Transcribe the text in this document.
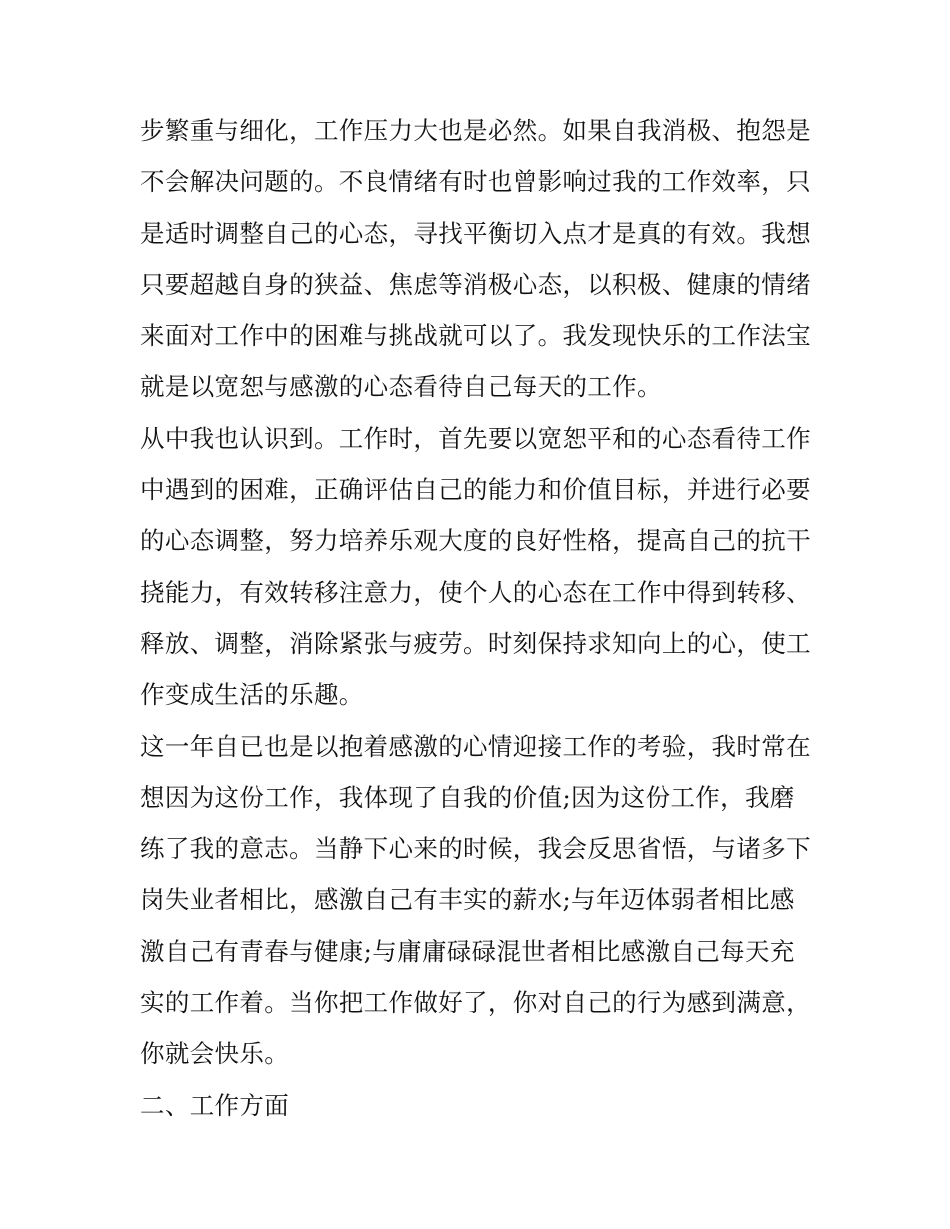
步繁重与细化，工作压力大也是必然。如果自我消极、抱怨是
不会解决问题的。不良情绪有时也曾影响过我的工作效率，只
是适时调整自己的心态，寻找平衡切入点才是真的有效。我想
只要超越自身的狭益、焦虑等消极心态，以积极、健康的情绪
来面对工作中的困难与挑战就可以了。我发现快乐的工作法宝
就是以宽恕与感激的心态看待自己每天的工作。
从中我也认识到。工作时，首先要以宽恕平和的心态看待工作
中遇到的困难，正确评估自己的能力和价值目标，并进行必要
的心态调整，努力培养乐观大度的良好性格，提高自己的抗干
挠能力，有效转移注意力，使个人的心态在工作中得到转移、
释放、调整，消除紧张与疲劳。时刻保持求知向上的心，使工
作变成生活的乐趣。
这一年自已也是以抱着感激的心情迎接工作的考验，我时常在
想因为这份工作，我体现了自我的价值;因为这份工作，我磨
练了我的意志。当静下心来的时候，我会反思省悟，与诸多下
岗失业者相比，感激自己有丰实的薪水;与年迈体弱者相比感
激自己有青春与健康;与庸庸碌碌混世者相比感激自己每天充
实的工作着。当你把工作做好了，你对自己的行为感到满意，
你就会快乐。
二、工作方面
